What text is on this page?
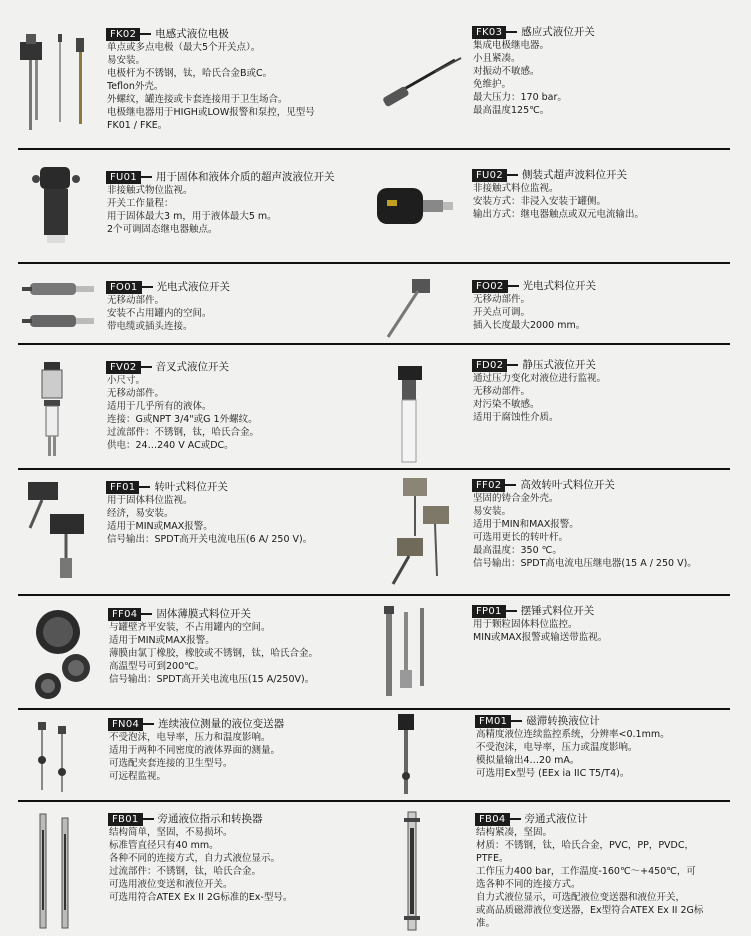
FK02	电感式液位电极
单点或多点电极（最大5个开关点）。
易安装。
电极杆为不锈钢，钛，哈氏合金B或C。
Teflon外壳。
外螺纹，罐连接或卡套连接用于卫生场合。
电极继电器用于HIGH或LOW报警和泵控，见型号
FK01 / FKE。
FK03	感应式液位开关
集成电极继电器。
小且紧凑。
对振动不敏感。
免维护。
最大压力：170 bar。
最高温度125℃。
FU01	用于固体和液体介质的超声波液位开关
非接触式物位监视。
开关工作量程：
用于固体最大3 m，用于液体最大5 m。
2个可调固态继电器触点。
FU02	侧装式超声波料位开关
非接触式料位监视。
安装方式：非浸入安装于罐侧。
输出方式：继电器触点或双元电流输出。
FO01	光电式液位开关
无移动部件。
安装不占用罐内的空间。
带电缆或插头连接。
FO02	光电式料位开关
无移动部件。
开关点可调。
插入长度最大2000 mm。
FV02	音叉式液位开关
小尺寸。
无移动部件。
适用于几乎所有的液体。
连接：G或NPT 3/4"或G 1外螺纹。
过流部件：不锈钢，钛，哈氏合金。
供电：24…240 V AC或DC。
FD02	静压式液位开关
通过压力变化对液位进行监视。
无移动部件。
对污染不敏感。
适用于腐蚀性介质。
FF01	转叶式料位开关
用于固体料位监视。
经济，易安装。
适用于MIN或MAX报警。
信号输出：SPDT高开关电流电压(6 A/ 250 V)。
FF02	高效转叶式料位开关
坚固的铸合金外壳。
易安装。
适用于MIN和MAX报警。
可选用更长的转叶杆。
最高温度：350 ℃。
信号输出：SPDT高电流电压继电器(15 A / 250 V)。
FF04	固体薄膜式料位开关
与罐壁齐平安装，不占用罐内的空间。
适用于MIN或MAX报警。
薄膜由氯丁橡胶，橡胶或不锈钢，钛，哈氏合金。
高温型号可到200℃。
信号输出：SPDT高开关电流电压(15 A/250V)。
FP01	摆锤式料位开关
用于颗粒固体料位监控。
MIN或MAX报警或输送带监视。
FN04	连续液位测量的液位变送器
不受泡沫，电导率，压力和温度影响。
适用于两种不同密度的液体界面的测量。
可选配夹套连接的卫生型号。
可远程监视。
FM01	磁滞转换液位计
高精度液位连续监控系统，分辨率<0.1mm。
不受泡沫，电导率，压力或温度影响。
模拟量输出4…20 mA。
可选用Ex型号 (EEx ia IIC T5/T4)。
FB01	旁通液位指示和转换器
结构简单，坚固，不易损坏。
标准管直径只有40 mm。
各种不同的连接方式，自力式液位显示。
过流部件：不锈钢，钛，哈氏合金。
可选用液位变送和液位开关。
可选用符合ATEX Ex II 2G标准的Ex-型号。
FB04	旁通式液位计
结构紧凑，坚固。
材质：不锈钢，钛，哈氏合金，PVC，PP，PVDC，
PTFE。
工作压力400 bar，工作温度-160℃～+450℃，可
选各种不同的连接方式。
自力式液位显示，可选配液位变送器和液位开关，
或高品质磁滞液位变送器，Ex型符合ATEX Ex II 2G标
准。
